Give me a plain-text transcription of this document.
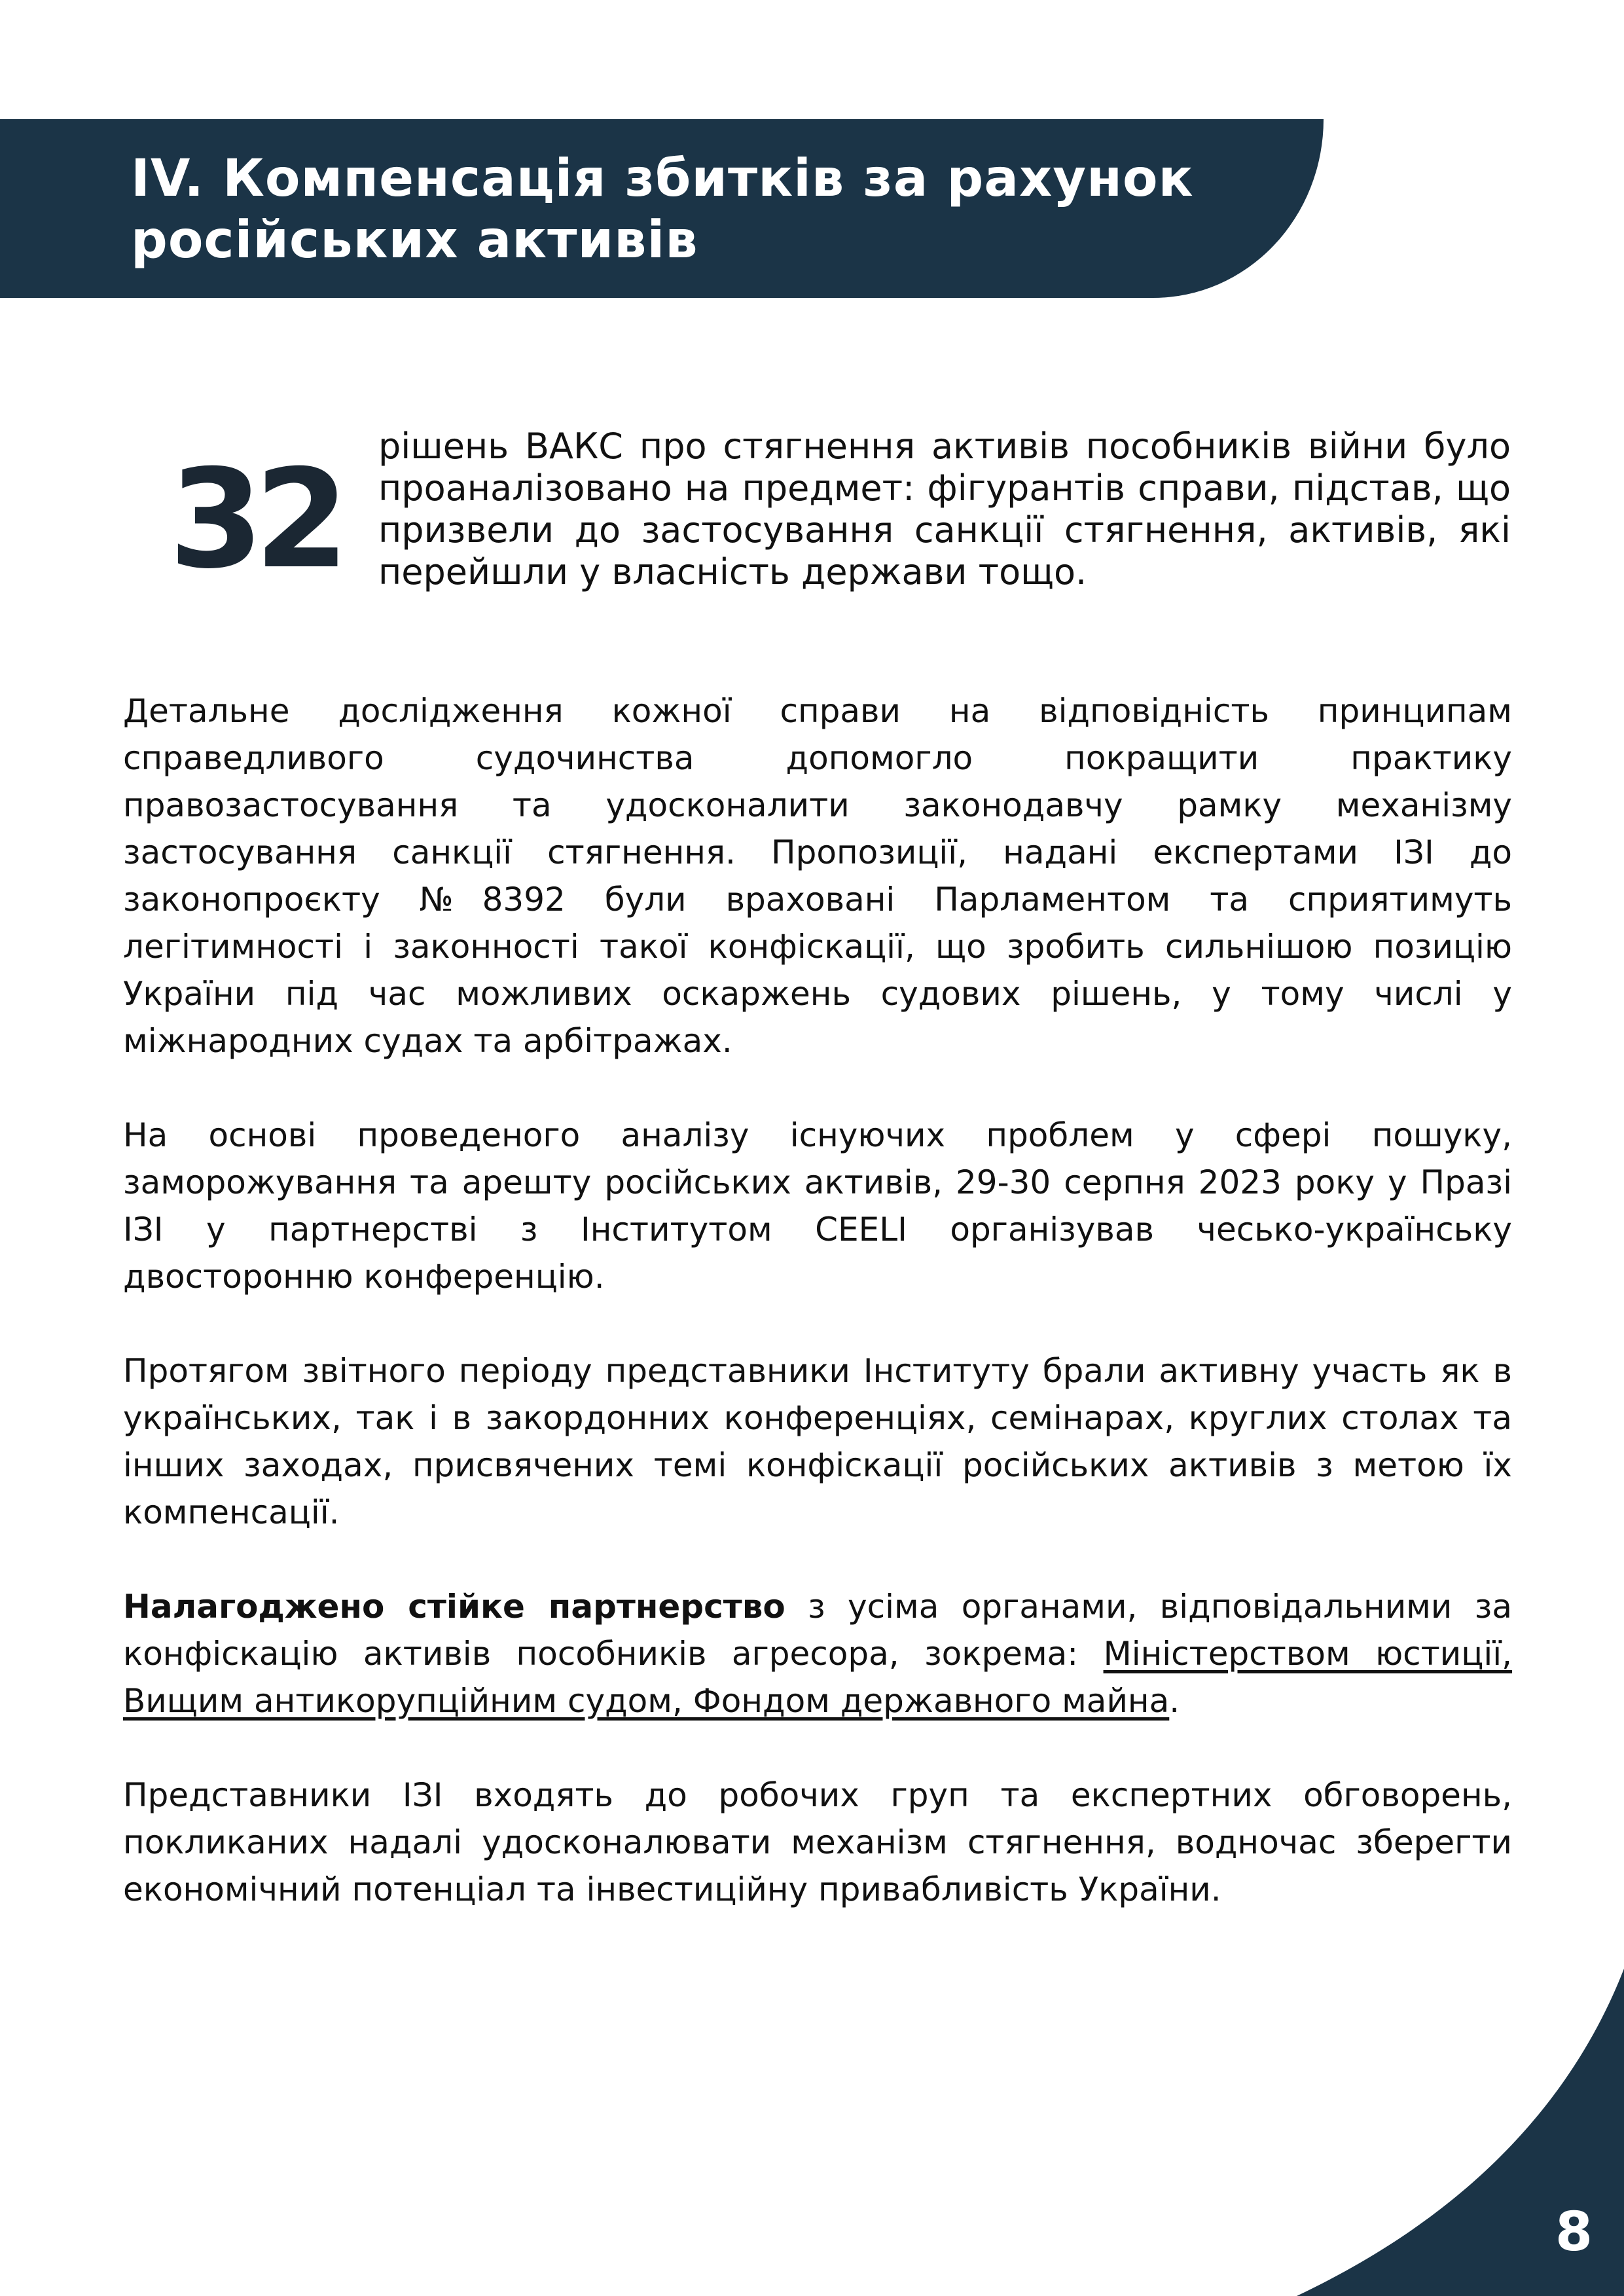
IV. Компенсація збитків за рахунок російських активів
32 рішень ВАКС про стягнення активів пособників війни було проаналізовано на предмет: фігурантів справи, підстав, що призвели до застосування санкції стягнення, активів, які перейшли у власність держави тощо.

Детальне дослідження кожної справи на відповідність принципам справедливого судочинства допомогло покращити практику правозастосування та удосконалити законодавчу рамку механізму застосування санкції стягнення. Пропозиції, надані експертами ІЗІ до законопроєкту №8392 були враховані Парламентом та сприятимуть легітимності і законності такої конфіскації, що зробить сильнішою позицію України під час можливих оскаржень судових рішень, у тому числі у міжнародних судах та арбітражах.

На основі проведеного аналізу існуючих проблем у сфері пошуку, заморожування та арешту російських активів, 29-30 серпня 2023 року у Празі ІЗІ у партнерстві з Інститутом CEELI організував чесько-українську двосторонню конференцію.

Протягом звітного періоду представники Інституту брали активну участь як в українських, так і в закордонних конференціях, семінарах, круглих столах та інших заходах, присвячених темі конфіскації російських активів з метою їх компенсації.

Налагоджено стійке партнерство з усіма органами, відповідальними за конфіскацію активів пособників агресора, зокрема: Міністерством юстиції, Вищим антикорупційним судом, Фондом державного майна.

Представники ІЗІ входять до робочих груп та експертних обговорень, покликаних надалі удосконалювати механізм стягнення, водночас зберегти економічний потенціал та інвестиційну привабливість України.

8
